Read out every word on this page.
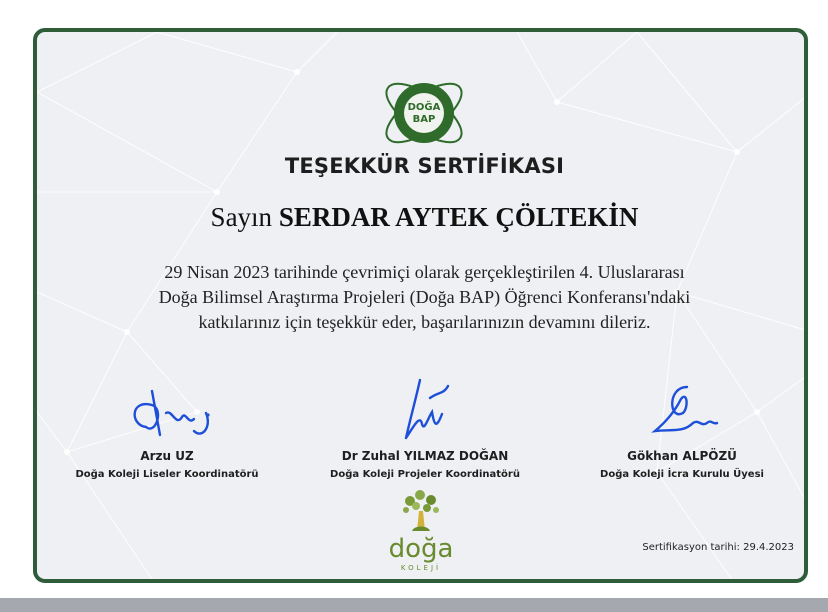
DOĞA
BAP
TEŞEKKÜR SERTİFİKASI
Sayın SERDAR AYTEK ÇÖLTEKİN
29 Nisan 2023 tarihinde çevrimiçi olarak gerçekleştirilen 4. Uluslararası
Doğa Bilimsel Araştırma Projeleri (Doğa BAP) Öğrenci Konferansı'ndaki
katkılarınız için teşekkür eder, başarılarınızın devamını dileriz.
Arzu UZ
Doğa Koleji Liseler Koordinatörü
Dr Zuhal YILMAZ DOĞAN
Doğa Koleji Projeler Koordinatörü
Gökhan ALPÖZÜ
Doğa Koleji İcra Kurulu Üyesi
doğa
KOLEJİ
Sertifikasyon tarihi: 29.4.2023
